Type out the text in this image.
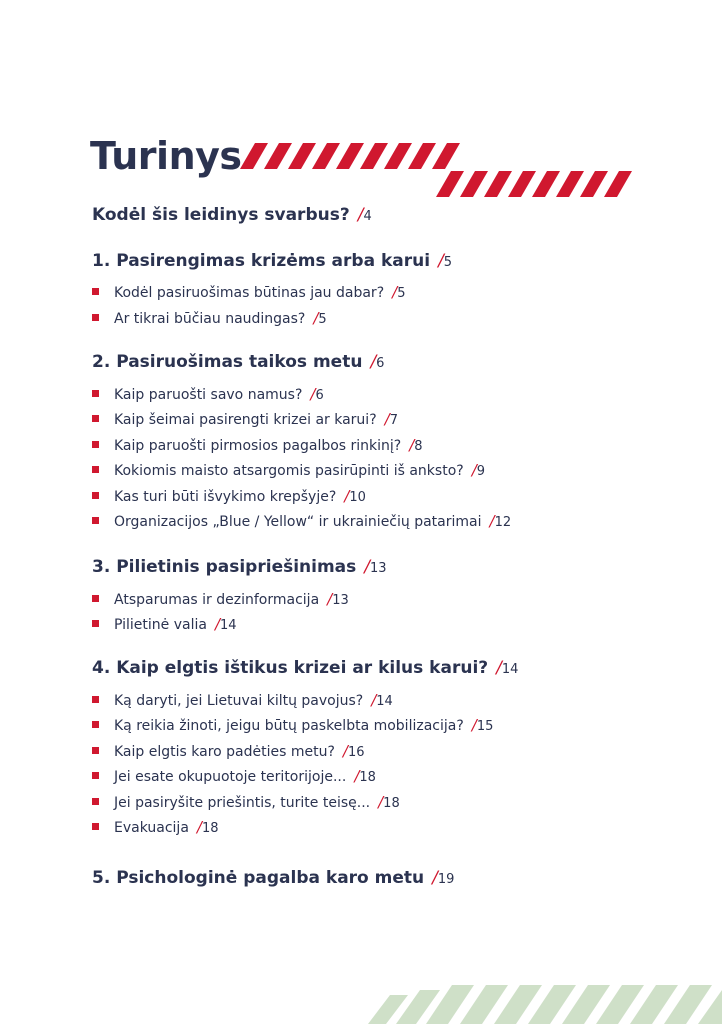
Turinys
Kodėl šis leidinys svarbus? /4
1. Pasirengimas krizėms arba karui /5
Kodėl pasiruošimas būtinas jau dabar? /5
Ar tikrai būčiau naudingas? /5
2. Pasiruošimas taikos metu /6
Kaip paruošti savo namus? /6
Kaip šeimai pasirengti krizei ar karui? /7
Kaip paruošti pirmosios pagalbos rinkinį? /8
Kokiomis maisto atsargomis pasirūpinti iš anksto? /9
Kas turi būti išvykimo krepšyje? /10
Organizacijos „Blue / Yellow“ ir ukrainiečių patarimai /12
3. Pilietinis pasipriešinimas /13
Atsparumas ir dezinformacija /13
Pilietinė valia /14
4. Kaip elgtis ištikus krizei ar kilus karui? /14
Ką daryti, jei Lietuvai kiltų pavojus? /14
Ką reikia žinoti, jeigu būtų paskelbta mobilizacija? /15
Kaip elgtis karo padėties metu? /16
Jei esate okupuotoje teritorijoje... /18
Jei pasiryšite priešintis, turite teisę... /18
Evakuacija /18
5. Psichologinė pagalba karo metu /19
